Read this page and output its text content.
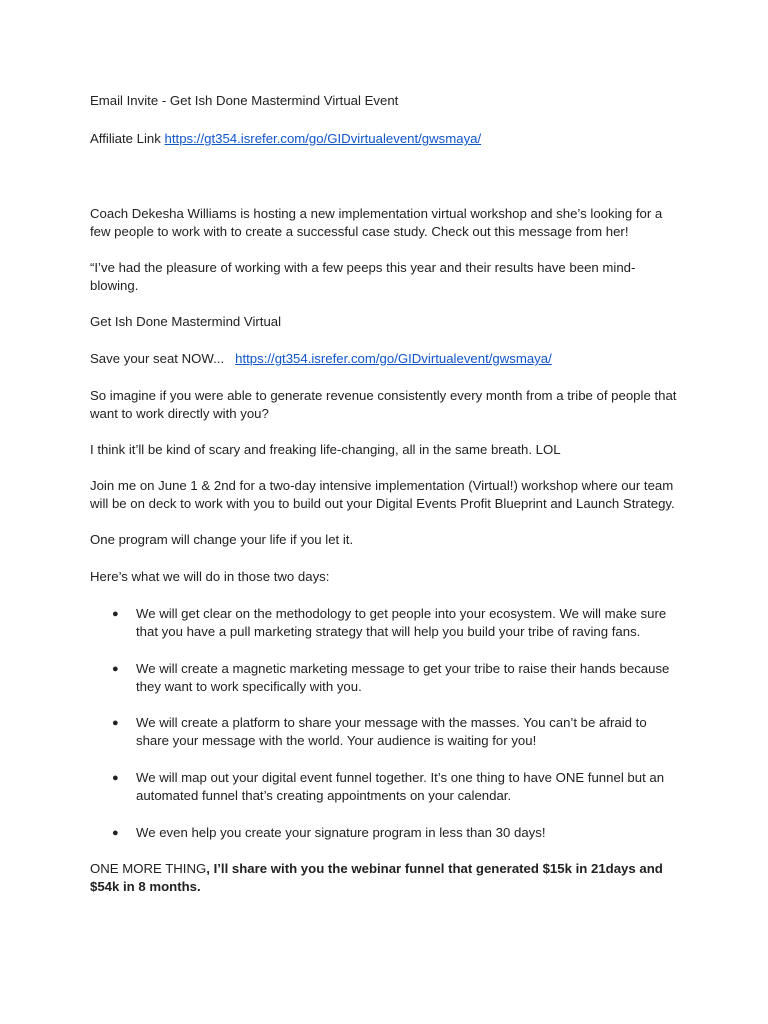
Email Invite - Get Ish Done Mastermind Virtual Event

Affiliate Link https://gt354.isrefer.com/go/GIDvirtualevent/gwsmaya/

Coach Dekesha Williams is hosting a new implementation virtual workshop and she’s looking for a

few people to work with to create a successful case study. Check out this message from her!

“I’ve had the pleasure of working with a few peeps this year and their results have been mind-

blowing.

Get Ish Done Mastermind Virtual

Save your seat NOW...   https://gt354.isrefer.com/go/GIDvirtualevent/gwsmaya/

So imagine if you were able to generate revenue consistently every month from a tribe of people that

want to work directly with you?

I think it’ll be kind of scary and freaking life-changing, all in the same breath. LOL

Join me on June 1 & 2nd for a two-day intensive implementation (Virtual!) workshop where our team

will be on deck to work with you to build out your Digital Events Profit Blueprint and Launch Strategy.

One program will change your life if you let it.

Here’s what we will do in those two days:

● We will get clear on the methodology to get people into your ecosystem. We will make sure
that you have a pull marketing strategy that will help you build your tribe of raving fans.
● We will create a magnetic marketing message to get your tribe to raise their hands because
they want to work specifically with you.
● We will create a platform to share your message with the masses. You can’t be afraid to
share your message with the world. Your audience is waiting for you!
● We will map out your digital event funnel together. It’s one thing to have ONE funnel but an
automated funnel that’s creating appointments on your calendar.
● We even help you create your signature program in less than 30 days!

ONE MORE THING, I’ll share with you the webinar funnel that generated $15k in 21days and

$54k in 8 months.
